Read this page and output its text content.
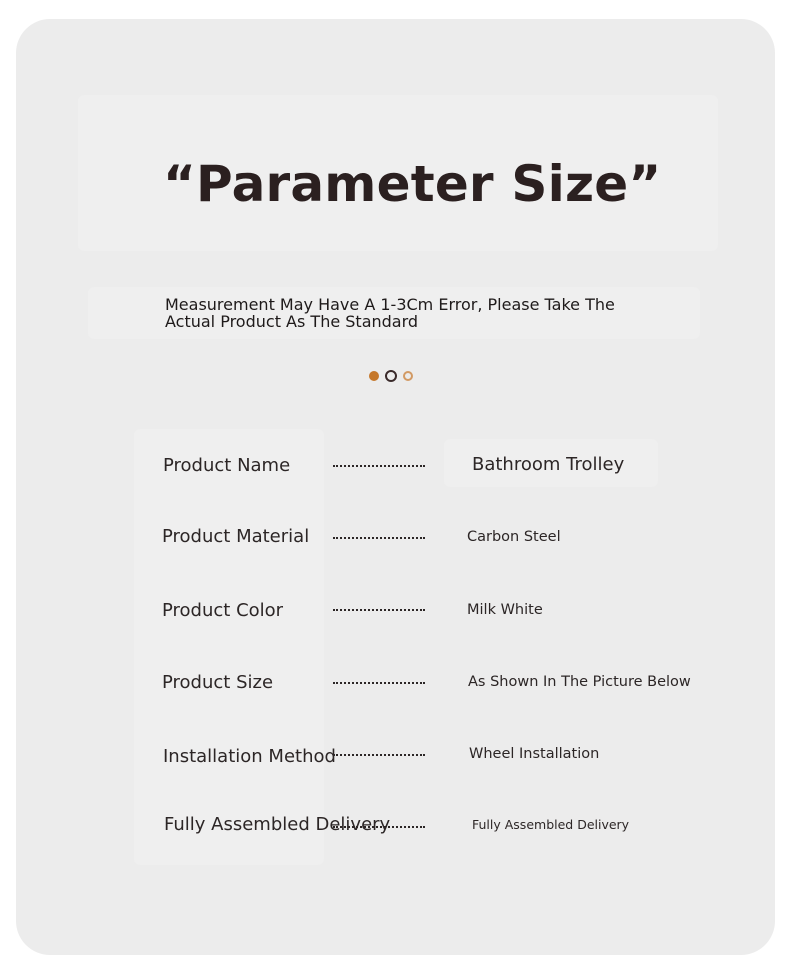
“Parameter Size”

Measurement May Have A 1-3Cm Error, Please Take The Actual Product As The Standard

Product Name	Bathroom Trolley
Product Material	Carbon Steel
Product Color	Milk White
Product Size	As Shown In The Picture Below
Installation Method	Wheel Installation
Fully Assembled Delivery	Fully Assembled Delivery
